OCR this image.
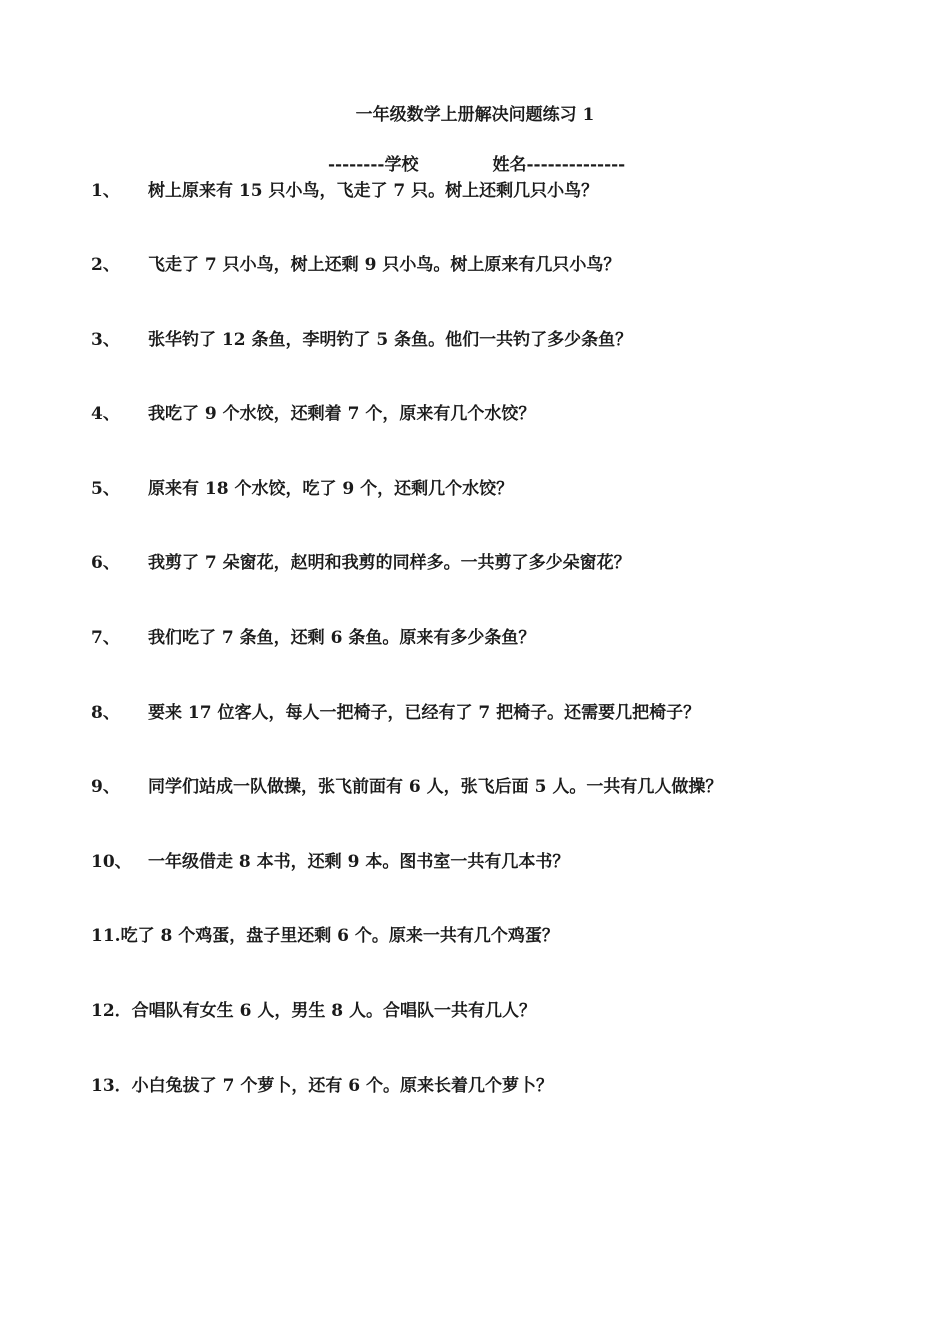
一年级数学上册解决问题练习 1
--------学校	姓名--------------
1、 树上原来有 15 只小鸟，飞走了 7 只。树上还剩几只小鸟？
2、 飞走了 7 只小鸟，树上还剩 9 只小鸟。树上原来有几只小鸟？
3、 张华钓了 12 条鱼，李明钓了 5 条鱼。他们一共钓了多少条鱼？
4、 我吃了 9 个水饺，还剩着 7 个，原来有几个水饺？
5、 原来有 18 个水饺，吃了 9 个，还剩几个水饺？
6、 我剪了 7 朵窗花，赵明和我剪的同样多。一共剪了多少朵窗花？
7、 我们吃了 7 条鱼，还剩 6 条鱼。原来有多少条鱼？
8、 要来 17 位客人，每人一把椅子，已经有了 7 把椅子。还需要几把椅子？
9、 同学们站成一队做操，张飞前面有 6 人，张飞后面 5 人。一共有几人做操？
10、 一年级借走 8 本书，还剩 9 本。图书室一共有几本书？
11.吃了 8 个鸡蛋，盘子里还剩 6 个。原来一共有几个鸡蛋？
12．合唱队有女生 6 人，男生 8 人。合唱队一共有几人？
13．小白兔拔了 7 个萝卜，还有 6 个。原来长着几个萝卜？
